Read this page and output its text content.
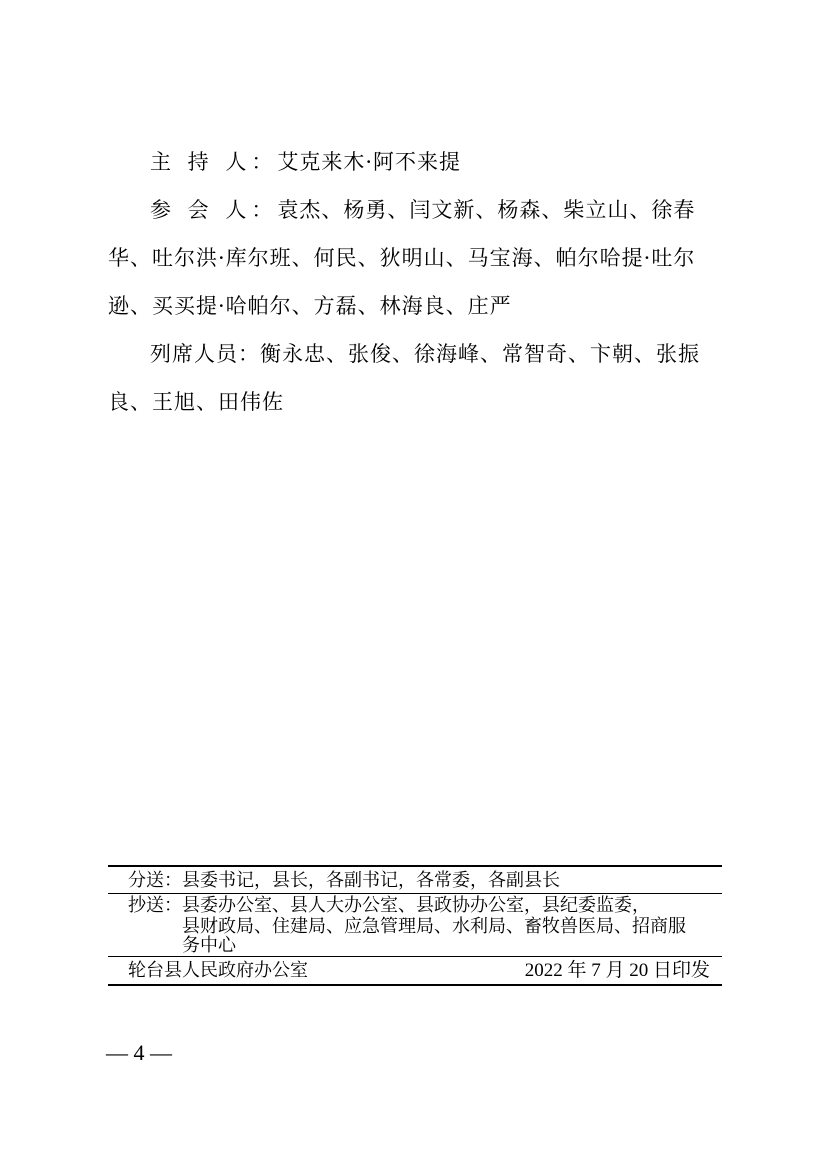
主 持 人：艾克来木·阿不来提

参 会 人：袁杰、杨勇、闫文新、杨森、柴立山、徐春华、吐尔洪·库尔班、何民、狄明山、马宝海、帕尔哈提·吐尔逊、买买提·哈帕尔、方磊、林海良、庄严

列席人员：衡永忠、张俊、徐海峰、常智奇、卞朝、张振良、王旭、田伟佐

分送：县委书记，县长，各副书记，各常委，各副县长
抄送：县委办公室、县人大办公室、县政协办公室，县纪委监委，
县财政局、住建局、应急管理局、水利局、畜牧兽医局、招商服
务中心
轮台县人民政府办公室	2022 年 7 月 20 日印发
— 4 —
